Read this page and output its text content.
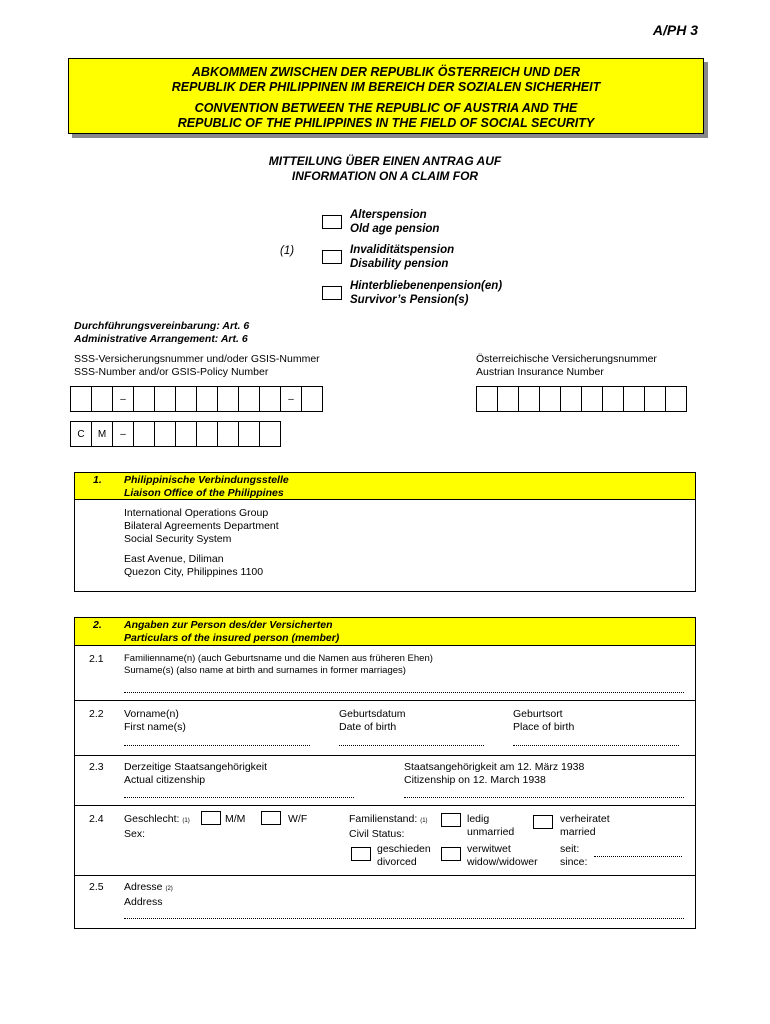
A/PH 3

ABKOMMEN ZWISCHEN DER REPUBLIK ÖSTERREICH UND DER

REPUBLIK DER PHILIPPINEN IM BEREICH DER SOZIALEN SICHERHEIT

CONVENTION BETWEEN THE REPUBLIC OF AUSTRIA AND THE

REPUBLIC OF THE PHILIPPINES IN THE FIELD OF SOCIAL SECURITY

MITTEILUNG ÜBER EINEN ANTRAG AUF
INFORMATION ON A CLAIM FOR
(1)
Alterspension
Old age pension
Invaliditätspension
Disability pension
Hinterbliebenenpension(en)
Survivor’s Pension(s)
Durchführungsvereinbarung: Art. 6
Administrative Arrangement: Art. 6
SSS-Versicherungsnummer und/oder GSIS-Nummer
SSS-Number and/or GSIS-Policy Number
Österreichische Versicherungsnummer
Austrian Insurance Number
–	–
C	M	–
1. Philippinische Verbindungsstelle
Liaison Office of the Philippines
International Operations Group
Bilateral Agreements Department
Social Security System
East Avenue, Diliman
Quezon City, Philippines 1100
2. Angaben zur Person des/der Versicherten
Particulars of the insured person (member)
2.1 Familienname(n) (auch Geburtsname und die Namen aus früheren Ehen)
Surname(s) (also name at birth and surnames in former marriages)
2.2 Vorname(n)
First name(s)
Geburtsdatum
Date of birth
Geburtsort
Place of birth
2.3 Derzeitige Staatsangehörigkeit
Actual citizenship
Staatsangehörigkeit am 12. März 1938
Citizenship on 12. March 1938
2.4 Geschlecht: (1)
Sex:
M/M	W/F	Familienstand: (1)
Civil Status:
ledig
unmarried
verheiratet
married
geschieden
divorced
verwitwet
widow/widower
seit:
since:
2.5 Adresse (2)
Address
